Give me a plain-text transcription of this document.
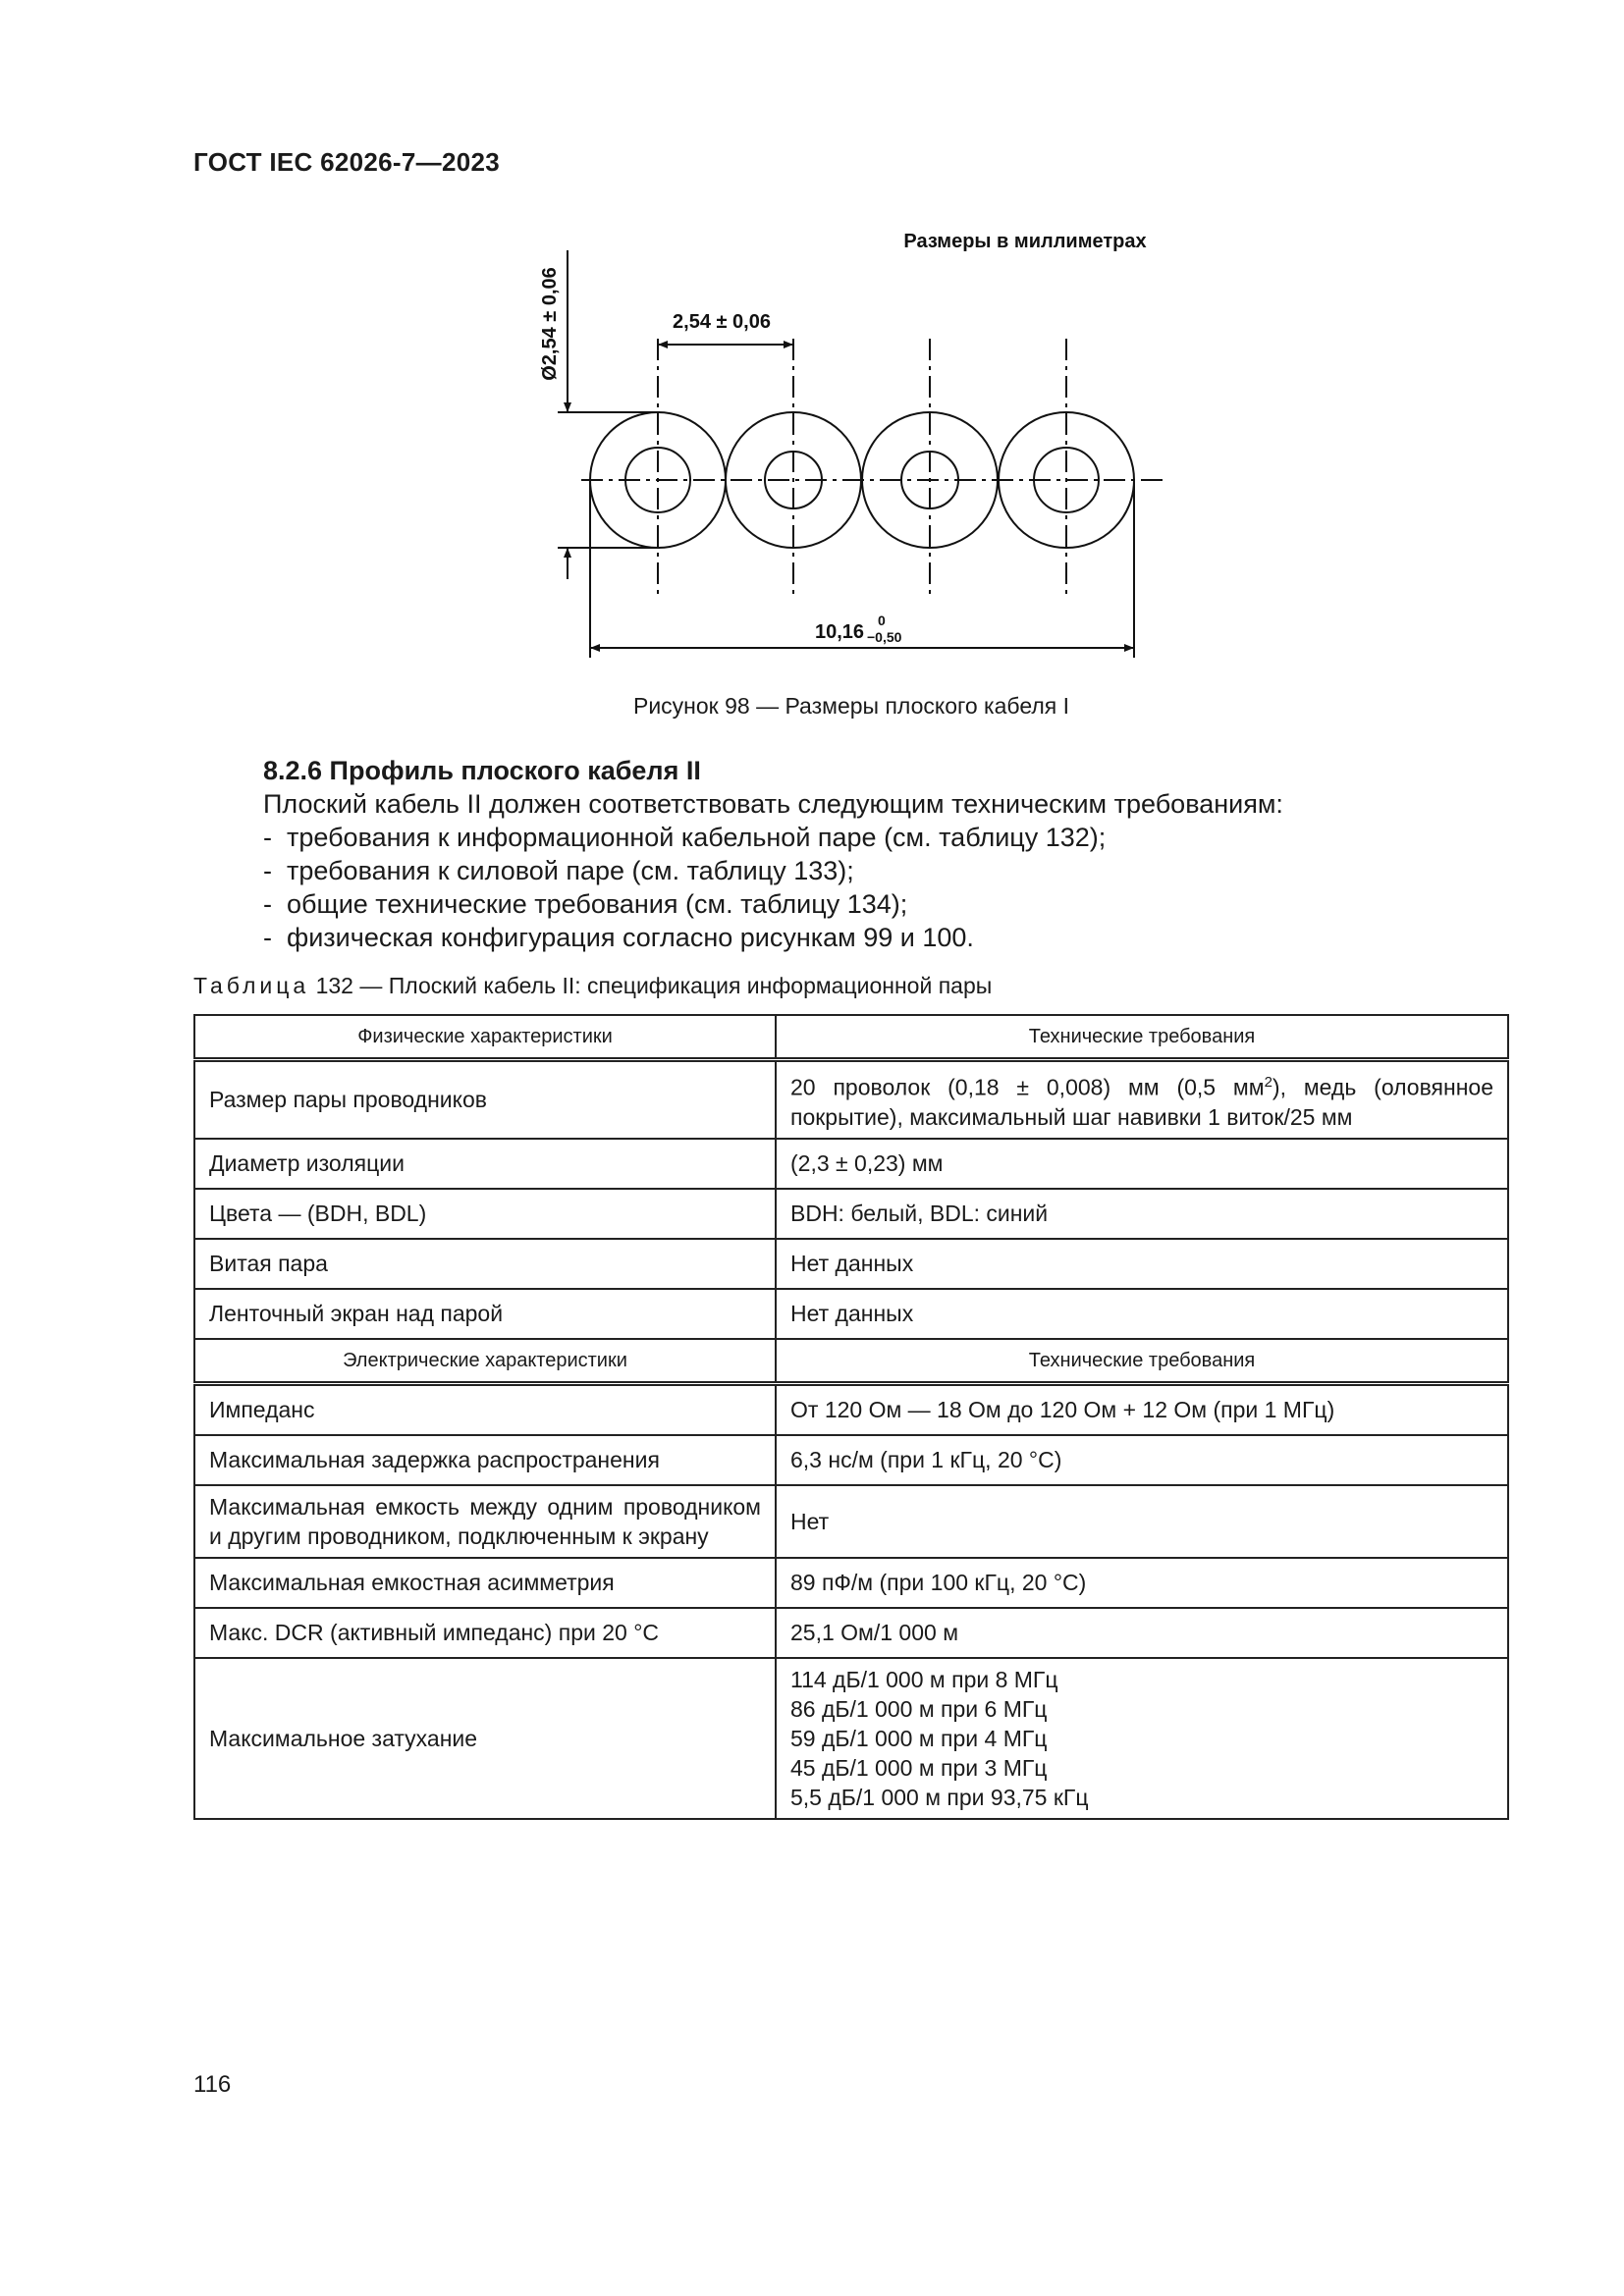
ГОСТ IEC 62026-7—2023
Размеры в миллиметрах
Ø2,54 ± 0,06	2,54 ± 0,06
10,16
0
−0,50
Рисунок 98 — Размеры плоского кабеля I
8.2.6 Профиль плоского кабеля II
Плоский кабель II должен соответствовать следующим техническим требованиям:
- требования к информационной кабельной паре (см. таблицу 132);
- требования к силовой паре (см. таблицу 133);
- общие технические требования (см. таблицу 134);
- физическая конфигурация согласно рисункам 99 и 100.
Таблица 132 — Плоский кабель II: спецификация информационной пары
Физические характеристики	Технические требования
Размер пары проводников	20 проволок (0,18 ± 0,008) мм (0,5 $мм^2$), медь (оловянное покрытие), максимальный шаг навивки 1 виток/25 мм
Диаметр изоляции	(2,3 ± 0,23) мм
Цвета — (BDH, BDL)	BDH: белый, BDL: синий
Витая пара	Нет данных
Ленточный экран над парой	Нет данных
Электрические характеристики	Технические требования
Импеданс	От 120 Ом — 18 Ом до 120 Ом + 12 Ом (при 1 МГц)
Максимальная задержка распространения	6,3 нс/м (при 1 кГц, 20 °C)
Максимальная емкость между одним проводником и другим проводником, подключенным к экрану	Нет
Максимальная емкостная асимметрия	89 пФ/м (при 100 кГц, 20 °C)
Макс. DCR (активный импеданс) при 20 °C	25,1 Ом/1 000 м
Максимальное затухание	114 дБ/1 000 м при 8 МГц
86 дБ/1 000 м при 6 МГц
59 дБ/1 000 м при 4 МГц
45 дБ/1 000 м при 3 МГц
5,5 дБ/1 000 м при 93,75 кГц
116
